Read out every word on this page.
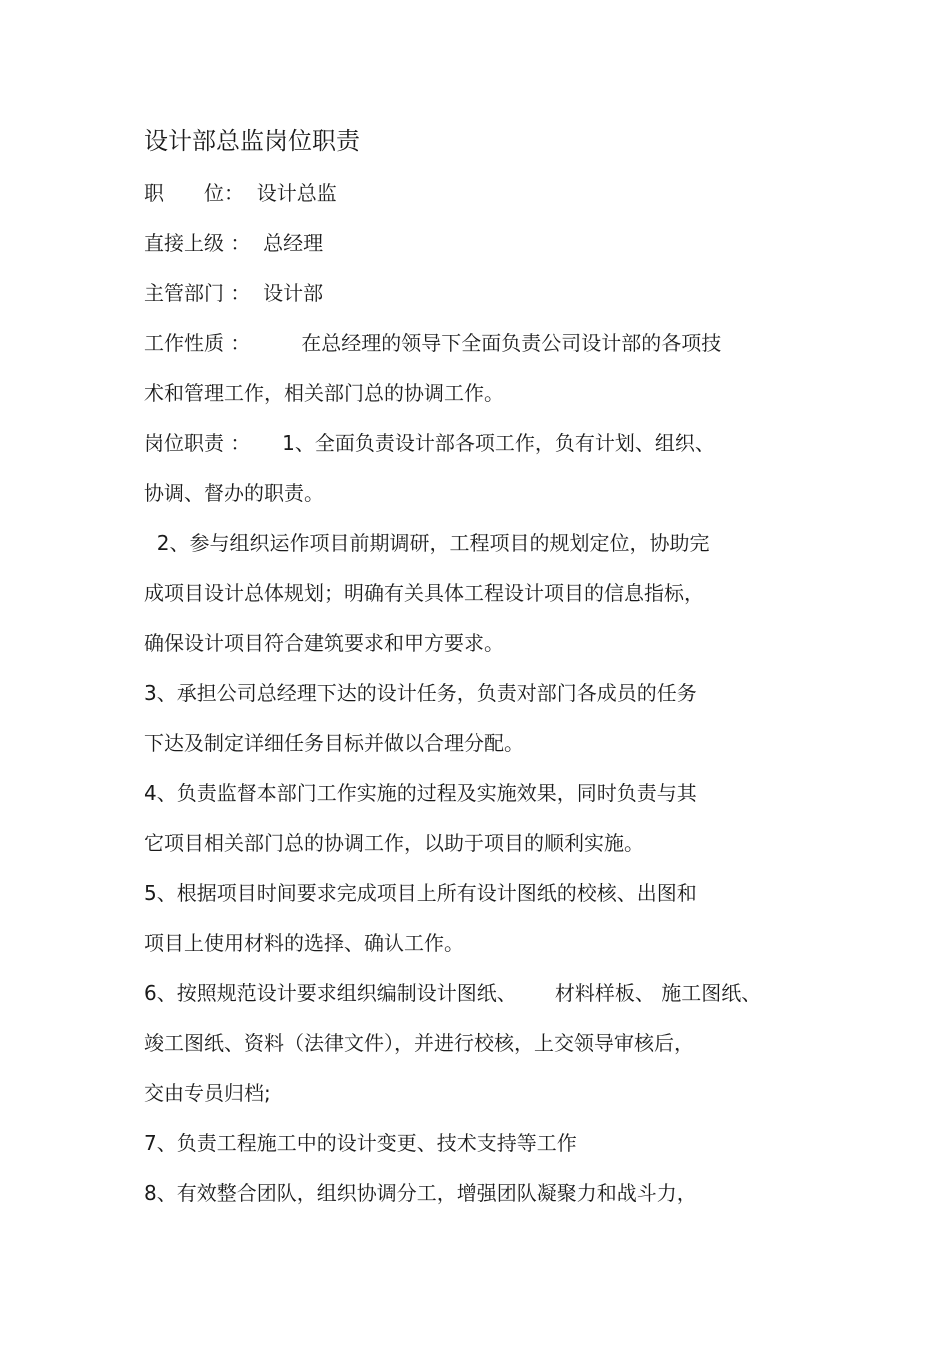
设计部总监岗位职责
职　　位：  设计总监
直接上级 ：  总经理
主管部门 ：  设计部
工作性质 ：        在总经理的领导下全面负责公司设计部的各项技
术和管理工作，相关部门总的协调工作。
岗位职责 ：     1、全面负责设计部各项工作，负有计划、组织、
协调、督办的职责。
2、参与组织运作项目前期调研，工程项目的规划定位，协助完
成项目设计总体规划；明确有关具体工程设计项目的信息指标，
确保设计项目符合建筑要求和甲方要求。
3、承担公司总经理下达的设计任务，负责对部门各成员的任务
下达及制定详细任务目标并做以合理分配。
4、负责监督本部门工作实施的过程及实施效果，同时负责与其
它项目相关部门总的协调工作，以助于项目的顺利实施。
5、根据项目时间要求完成项目上所有设计图纸的校核、出图和
项目上使用材料的选择、确认工作。
6、按照规范设计要求组织编制设计图纸、      材料样板、 施工图纸、
竣工图纸、资料（法律文件），并进行校核，上交领导审核后，
交由专员归档;
7、负责工程施工中的设计变更、技术支持等工作
8、有效整合团队，组织协调分工，增强团队凝聚力和战斗力，
